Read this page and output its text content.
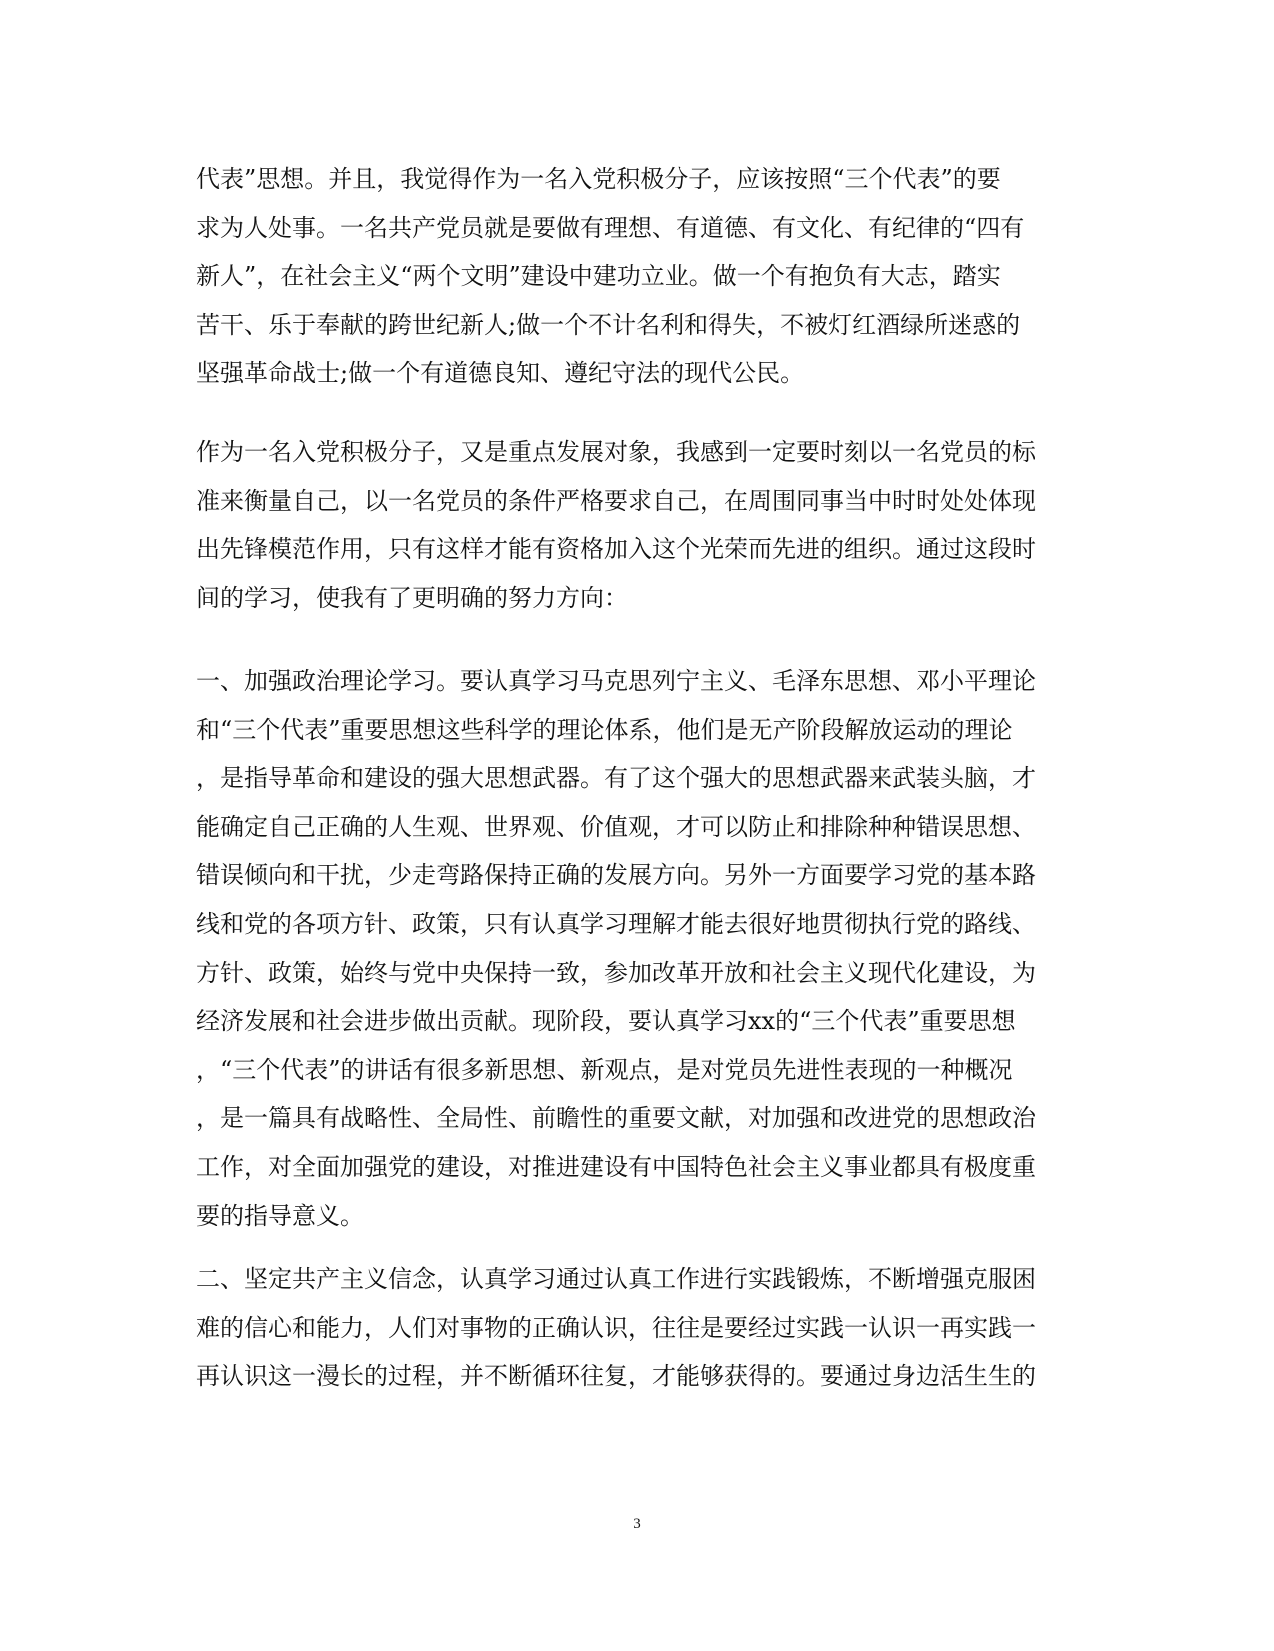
代表”思想。并且，我觉得作为一名入党积极分子，应该按照“三个代表”的要
求为人处事。一名共产党员就是要做有理想、有道德、有文化、有纪律的“四有
新人”，在社会主义“两个文明”建设中建功立业。做一个有抱负有大志，踏实
苦干、乐于奉献的跨世纪新人;做一个不计名利和得失，不被灯红酒绿所迷惑的
坚强革命战士;做一个有道德良知、遵纪守法的现代公民。
作为一名入党积极分子，又是重点发展对象，我感到一定要时刻以一名党员的标
准来衡量自己，以一名党员的条件严格要求自己，在周围同事当中时时处处体现
出先锋模范作用，只有这样才能有资格加入这个光荣而先进的组织。通过这段时
间的学习，使我有了更明确的努力方向：
一、加强政治理论学习。要认真学习马克思列宁主义、毛泽东思想、邓小平理论
和“三个代表”重要思想这些科学的理论体系，他们是无产阶段解放运动的理论
，是指导革命和建设的强大思想武器。有了这个强大的思想武器来武装头脑，才
能确定自己正确的人生观、世界观、价值观，才可以防止和排除种种错误思想、
错误倾向和干扰，少走弯路保持正确的发展方向。另外一方面要学习党的基本路
线和党的各项方针、政策，只有认真学习理解才能去很好地贯彻执行党的路线、
方针、政策，始终与党中央保持一致，参加改革开放和社会主义现代化建设，为
经济发展和社会进步做出贡献。现阶段，要认真学习xx的“三个代表”重要思想
，“三个代表”的讲话有很多新思想、新观点，是对党员先进性表现的一种概况
，是一篇具有战略性、全局性、前瞻性的重要文献，对加强和改进党的思想政治
工作，对全面加强党的建设，对推进建设有中国特色社会主义事业都具有极度重
要的指导意义。
二、坚定共产主义信念，认真学习通过认真工作进行实践锻炼，不断增强克服困
难的信心和能力，人们对事物的正确认识，往往是要经过实践一认识一再实践一
再认识这一漫长的过程，并不断循环往复，才能够获得的。要通过身边活生生的
3
